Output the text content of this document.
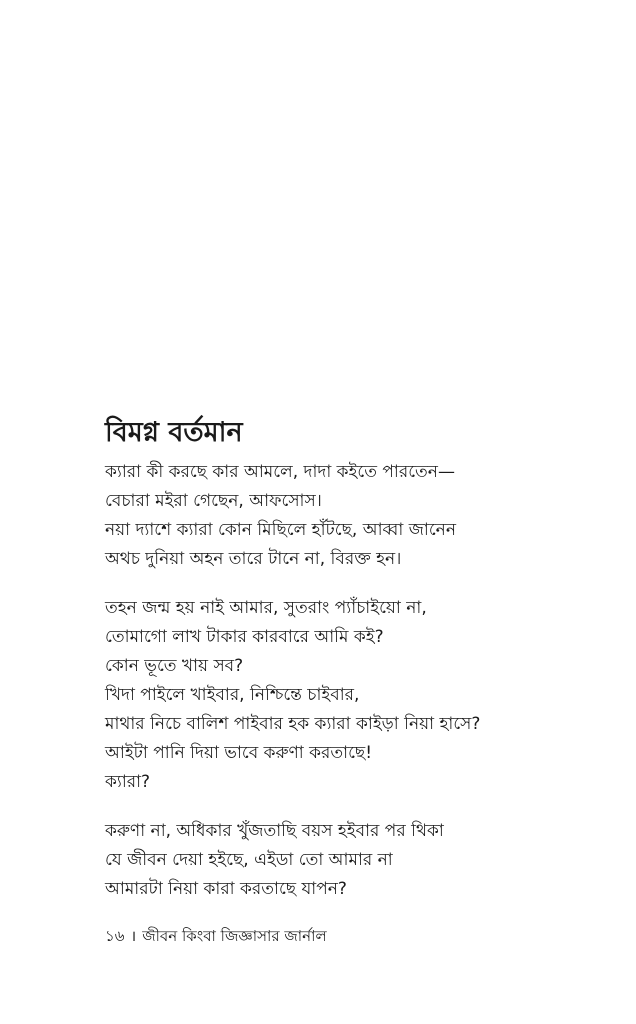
বিমগ্ন বর্তমান
ক্যারা কী করছে কার আমলে, দাদা কইতে পারতেন—
বেচারা মইরা গেছেন, আফসোস।
নয়া দ্যাশে ক্যারা কোন মিছিলে হাঁটছে, আব্বা জানেন
অথচ দুনিয়া অহন তারে টানে না, বিরক্ত হন।
তহন জন্ম হয় নাই আমার, সুতরাং প্যাঁচাইয়ো না,
তোমাগো লাখ টাকার কারবারে আমি কই?
কোন ভূতে খায় সব?
খিদা পাইলে খাইবার, নিশ্চিন্তে চাইবার,
মাথার নিচে বালিশ পাইবার হক ক্যারা কাইড়া নিয়া হাসে?
আইটা পানি দিয়া ভাবে করুণা করতাছে!
ক্যারা?
করুণা না, অধিকার খুঁজতাছি বয়স হইবার পর থিকা
যে জীবন দেয়া হইছে, এইডা তো আমার না
আমারটা নিয়া কারা করতাছে যাপন?
১৬ । জীবন কিংবা জিজ্ঞাসার জার্নাল
